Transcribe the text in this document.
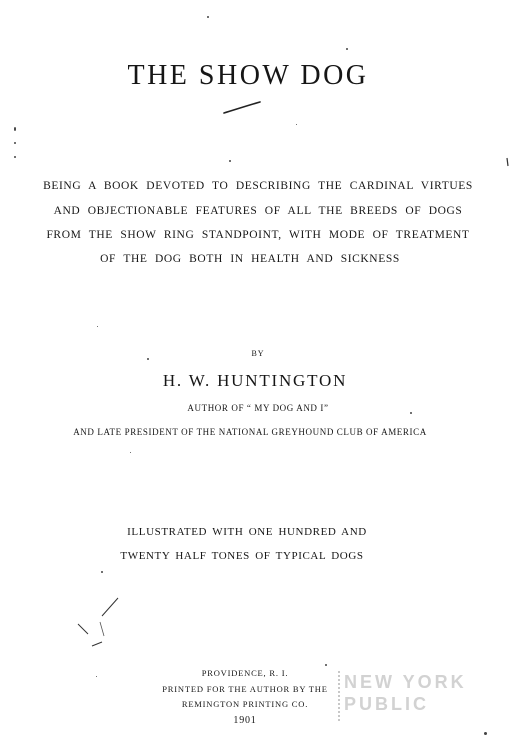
THE SHOW DOG
BEING A BOOK DEVOTED TO DESCRIBING THE CARDINAL VIRTUES
AND OBJECTIONABLE FEATURES OF ALL THE BREEDS OF DOGS
FROM THE SHOW RING STANDPOINT, WITH MODE OF TREATMENT
OF THE DOG BOTH IN HEALTH AND SICKNESS
BY
H. W. HUNTINGTON
AUTHOR OF “ MY DOG AND I”
AND LATE PRESIDENT OF THE NATIONAL GREYHOUND CLUB OF AMERICA
ILLUSTRATED WITH ONE HUNDRED AND
TWENTY HALF TONES OF TYPICAL DOGS
PROVIDENCE, R. I.
PRINTED FOR THE AUTHOR BY THE
REMINGTON PRINTING CO.
1901
NEW YORK PUBLIC
